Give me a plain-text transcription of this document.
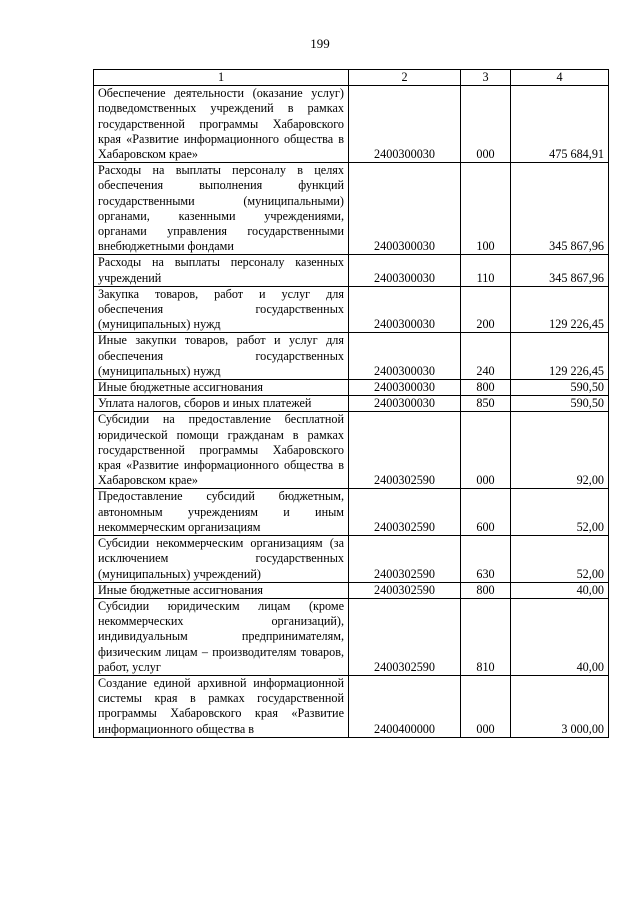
199
1	2	3	4
Обеспечение деятельности (оказание услуг) подведомственных учреждений в рамках государственной программы Хабаровского края «Развитие информационного общества в Хабаровском крае»	2400300030	000	475 684,91
Расходы на выплаты персоналу в целях обеспечения выполнения функций государственными (муниципальными) органами, казенными учреждениями, органами управления государственными внебюджетными фондами	2400300030	100	345 867,96
Расходы на выплаты персоналу казенных учреждений	2400300030	110	345 867,96
Закупка товаров, работ и услуг для обеспечения государственных (муниципальных) нужд	2400300030	200	129 226,45
Иные закупки товаров, работ и услуг для обеспечения государственных (муниципальных) нужд	2400300030	240	129 226,45
Иные бюджетные ассигнования	2400300030	800	590,50
Уплата налогов, сборов и иных платежей	2400300030	850	590,50
Субсидии на предоставление бесплатной юридической помощи гражданам в рамках государственной программы Хабаровского края «Развитие информационного общества в Хабаровском крае»	2400302590	000	92,00
Предоставление субсидий бюджетным, автономным учреждениям и иным некоммерческим организациям	2400302590	600	52,00
Субсидии некоммерческим организациям (за исключением государственных (муниципальных) учреждений)	2400302590	630	52,00
Иные бюджетные ассигнования	2400302590	800	40,00
Субсидии юридическим лицам (кроме некоммерческих организаций), индивидуальным предпринимателям, физическим лицам – производителям товаров, работ, услуг	2400302590	810	40,00
Создание единой архивной информационной системы края в рамках государственной программы Хабаровского края «Развитие информационного общества в	2400400000	000	3 000,00
